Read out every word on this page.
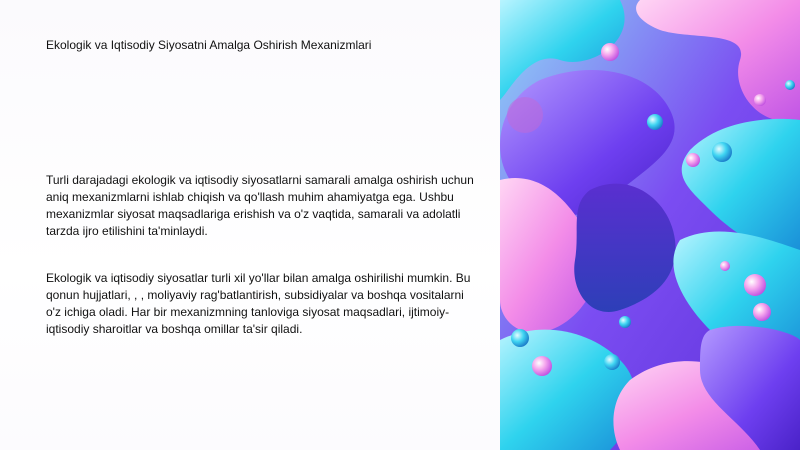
Ekologik va Iqtisodiy Siyosatni Amalga Oshirish Mexanizmlari

Turli darajadagi ekologik va iqtisodiy siyosatlarni samarali amalga oshirish uchun aniq mexanizmlarni ishlab chiqish va qo'llash muhim ahamiyatga ega. Ushbu mexanizmlar siyosat maqsadlariga erishish va o'z vaqtida, samarali va adolatli tarzda ijro etilishini ta'minlaydi.

Ekologik va iqtisodiy siyosatlar turli xil yo'llar bilan amalga oshirilishi mumkin. Bu qonun hujjatlari, , , moliyaviy rag'batlantirish, subsidiyalar va boshqa vositalarni o'z ichiga oladi. Har bir mexanizmning tanloviga siyosat maqsadlari, ijtimoiy-iqtisodiy sharoitlar va boshqa omillar ta'sir qiladi.
